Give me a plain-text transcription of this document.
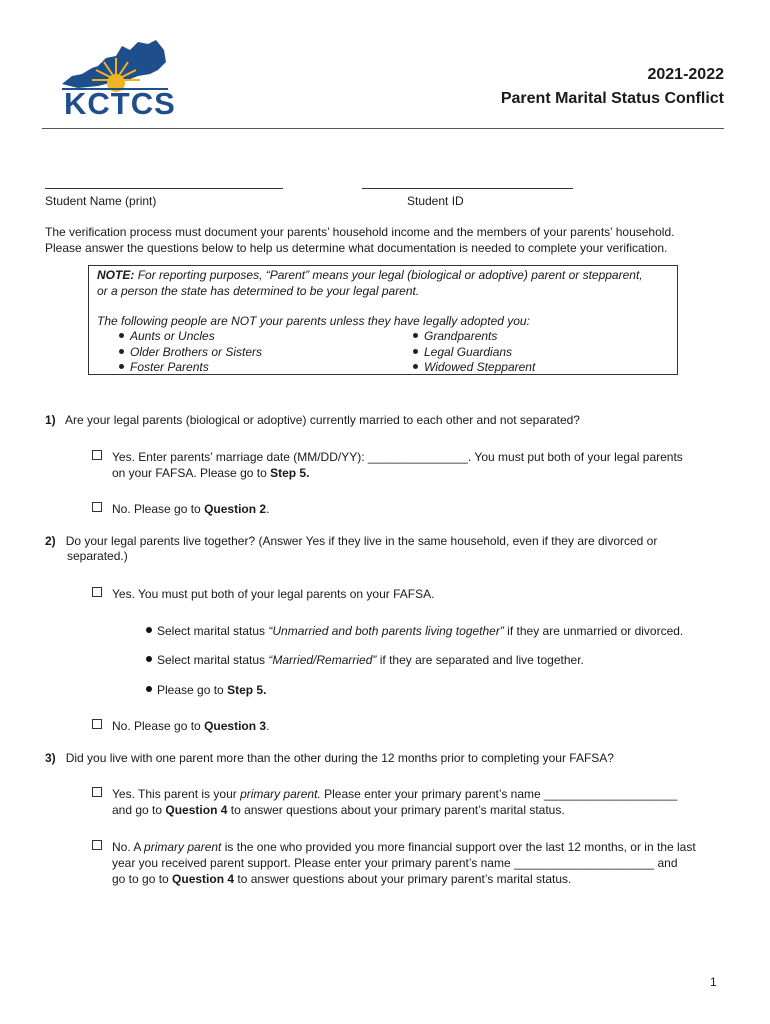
KCTCS
2021-2022
Parent Marital Status Conflict
Student Name (print)	Student ID
The verification process must document your parents’ household income and the members of your parents’ household.
Please answer the questions below to help us determine what documentation is needed to complete your verification.
NOTE: For reporting purposes, “Parent” means your legal (biological or adoptive) parent or stepparent,
or a person the state has determined to be your legal parent.
The following people are NOT your parents unless they have legally adopted you:
Aunts or Uncles
Older Brothers or Sisters
Foster Parents
Grandparents
Legal Guardians
Widowed Stepparent
1) Are your legal parents (biological or adoptive) currently married to each other and not separated?
Yes. Enter parents’ marriage date (MM/DD/YY): _______________. You must put both of your legal parents
on your FAFSA. Please go to Step 5.
No. Please go to Question 2.
2) Do your legal parents live together? (Answer Yes if they live in the same household, even if they are divorced or
separated.)
Yes. You must put both of your legal parents on your FAFSA.
Select marital status “Unmarried and both parents living together” if they are unmarried or divorced.
Select marital status “Married/Remarried” if they are separated and live together.
Please go to Step 5.
No. Please go to Question 3.
3) Did you live with one parent more than the other during the 12 months prior to completing your FAFSA?
Yes. This parent is your primary parent. Please enter your primary parent’s name ____________________
and go to Question 4 to answer questions about your primary parent’s marital status.
No. A primary parent is the one who provided you more financial support over the last 12 months, or in the last
year you received parent support. Please enter your primary parent’s name _____________________ and
go to go to Question 4 to answer questions about your primary parent’s marital status.
1
